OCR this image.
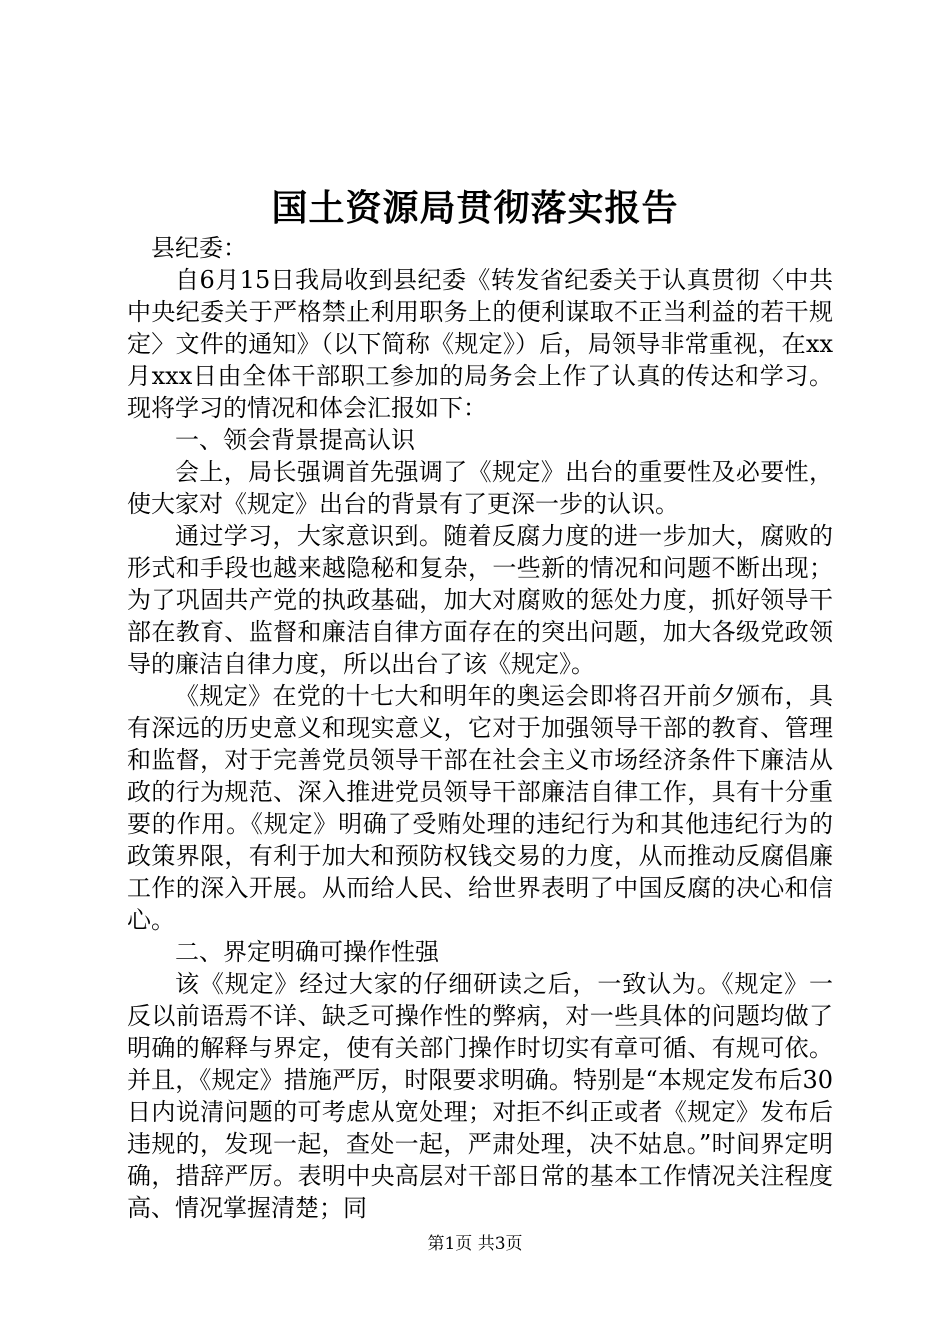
国土资源局贯彻落实报告

县纪委：

自6月15日我局收到县纪委《转发省纪委关于认真贯彻〈中共中央纪委关于严格禁止利用职务上的便利谋取不正当利益的若干规定〉文件的通知》（以下简称《规定》）后，局领导非常重视，在xx月xxx日由全体干部职工参加的局务会上作了认真的传达和学习。现将学习的情况和体会汇报如下：

一、领会背景提高认识

会上，局长强调首先强调了《规定》出台的重要性及必要性，使大家对《规定》出台的背景有了更深一步的认识。

通过学习，大家意识到。随着反腐力度的进一步加大，腐败的形式和手段也越来越隐秘和复杂，一些新的情况和问题不断出现；为了巩固共产党的执政基础，加大对腐败的惩处力度，抓好领导干部在教育、监督和廉洁自律方面存在的突出问题，加大各级党政领导的廉洁自律力度，所以出台了该《规定》。

《规定》在党的十七大和明年的奥运会即将召开前夕颁布，具有深远的历史意义和现实意义，它对于加强领导干部的教育、管理和监督，对于完善党员领导干部在社会主义市场经济条件下廉洁从政的行为规范、深入推进党员领导干部廉洁自律工作，具有十分重要的作用。《规定》明确了受贿处理的违纪行为和其他违纪行为的政策界限，有利于加大和预防权钱交易的力度，从而推动反腐倡廉工作的深入开展。从而给人民、给世界表明了中国反腐的决心和信心。

二、界定明确可操作性强

该《规定》经过大家的仔细研读之后，一致认为。《规定》一反以前语焉不详、缺乏可操作性的弊病，对一些具体的问题均做了明确的解释与界定，使有关部门操作时切实有章可循、有规可依。并且，《规定》措施严厉，时限要求明确。特别是“本规定发布后30日内说清问题的可考虑从宽处理；对拒不纠正或者《规定》发布后违规的，发现一起，查处一起，严肃处理，决不姑息。”时间界定明确，措辞严厉。表明中央高层对干部日常的基本工作情况关注程度高、情况掌握清楚；同

第1页 共3页
